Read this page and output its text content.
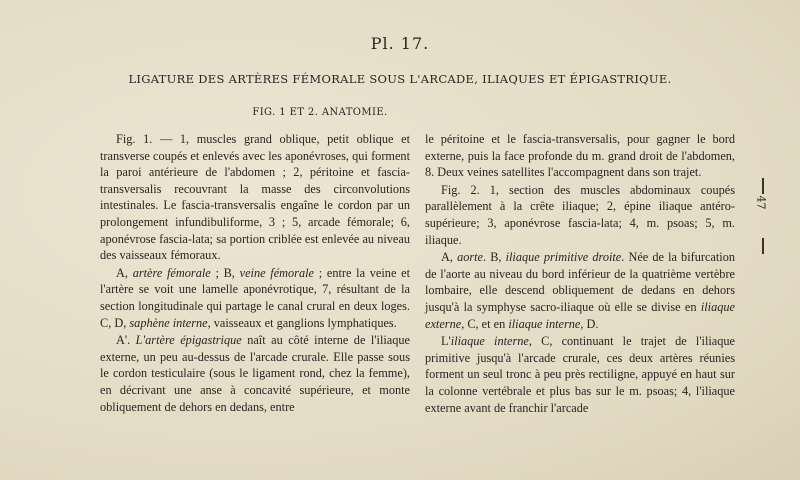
Pl. 17.
LIGATURE DES ARTÈRES FÉMORALE SOUS L'ARCADE, ILIAQUES ET ÉPIGASTRIQUE.
FIG. 1 ET 2. ANATOMIE.

Fig. 1. — 1, muscles grand oblique, petit oblique et transverse coupés et enlevés avec les aponévroses, qui forment la paroi antérieure de l'abdomen ; 2, péritoine et fascia-transversalis recouvrant la masse des circonvolutions intestinales. Le fascia-transversalis engaîne le cordon par un prolongement infundibuliforme, 3 ; 5, arcade fémorale; 6, aponévrose fascia-lata; sa portion criblée est enlevée au niveau des vaisseaux fémoraux.

A, artère fémorale ; B, veine fémorale ; entre la veine et l'artère se voit une lamelle aponévrotique, 7, résultant de la section longitudinale qui partage le canal crural en deux loges. C, D, saphène interne, vaisseaux et ganglions lymphatiques.

A'. L'artère épigastrique naît au côté interne de l'iliaque externe, un peu au-dessus de l'arcade crurale. Elle passe sous le cordon testiculaire (sous le ligament rond, chez la femme), en décrivant une anse à concavité supérieure, et monte obliquement de dehors en dedans, entre

le péritoine et le fascia-transversalis, pour gagner le bord externe, puis la face profonde du m. grand droit de l'abdomen, 8. Deux veines satellites l'accompagnent dans son trajet.

Fig. 2. 1, section des muscles abdominaux coupés parallèlement à la crête iliaque; 2, épine iliaque antéro-supérieure; 3, aponévrose fascia-lata; 4, m. psoas; 5, m. iliaque.

A, aorte. B, iliaque primitive droite. Née de la bifurcation de l'aorte au niveau du bord inférieur de la quatrième vertèbre lombaire, elle descend obliquement de dedans en dehors jusqu'à la symphyse sacro-iliaque où elle se divise en iliaque externe, C, et en iliaque interne, D.

L'iliaque interne, C, continuant le trajet de l'iliaque primitive jusqu'à l'arcade crurale, ces deux artères réunies forment un seul tronc à peu près rectiligne, appuyé en haut sur la colonne vertébrale et plus bas sur le m. psoas; 4, l'iliaque externe avant de franchir l'arcade

47
